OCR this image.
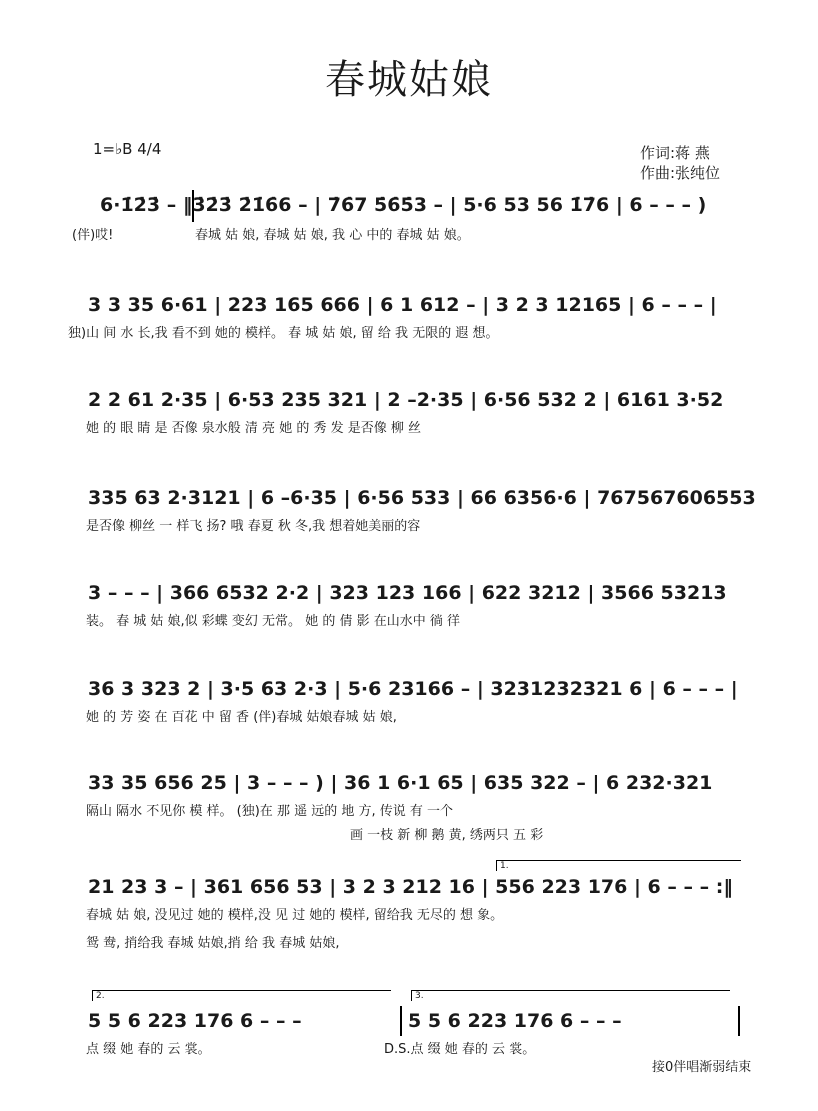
春城姑娘
1=♭B 4/4	作词:蒋 燕
作曲:张纯位
6·1̇2̇3̇ – ‖3̇2̇3̇ 2̇1̇6̇6 – | 7̇6̇7 5̇6̇5̇3 – | 5·6 53 56 1̇7̇6 | 6 – – – )
(伴)哎!	春城 姑 娘, 春城 姑 娘, 我 心 中的 春城 姑 娘。
3 3 35 6·61 | 223 165 666 | 6 1 612 – | 3 2 3 12165 | 6 – – – |
独)山 间 水 长,我 看不到 她的 模样。 春 城 姑 娘, 留 给 我 无限的 遐 想。
2 2 61 2·35 | 6·53 235 321 | 2 –2·35 | 6·56 532 2 | 6161 3·52
她 的 眼 睛 是 否像 泉水般 清 亮 她 的 秀 发 是否像 柳 丝
335 63 2·3121 | 6 –6·35 | 6·56 533 | 66 6356·6 | 767567606553
是否像 柳丝 一 样飞 扬? 哦 春夏 秋 冬,我 想着她美丽的容
3 – – – | 366 6532 2·2 | 323 123 166 | 622 3212 | 3566 53213
装。 春 城 姑 娘,似 彩蝶 变幻 无常。 她 的 倩 影 在山水中 徜 徉
36 3 323 2 | 3·5 63 2·3 | 5·6 23166 – | 3231232321 6 | 6 – – – |
她 的 芳 姿 在 百花 中 留 香 (伴)春城 姑娘春城 姑 娘,
33 35 656 25 | 3 – – – ) | 36 1 6·1 65 | 635 322 – | 6 232·321
隔山 隔水 不见你 模 样。 (独)在 那 遥 远的 地 方, 传说 有 一个
画 一枝 新 柳 鹅 黄, 绣两只 五 彩
1.
21 23 3 – | 361 656 53 | 3 2 3 212 16 | 556 223 176 | 6 – – – :‖
春城 姑 娘, 没见过 她的 模样,没 见 过 她的 模样, 留给我 无尽的 想 象。
鸳 鸯, 捎给我 春城 姑娘,捎 给 我 春城 姑娘,
2.	3.
5 5 6 223 176 6 – – –	5 5 6 223 176 6 – – –
点 缀 她 春的 云 裳。	D.S.点 缀 她 春的 云 裳。
接0伴唱渐弱结束
